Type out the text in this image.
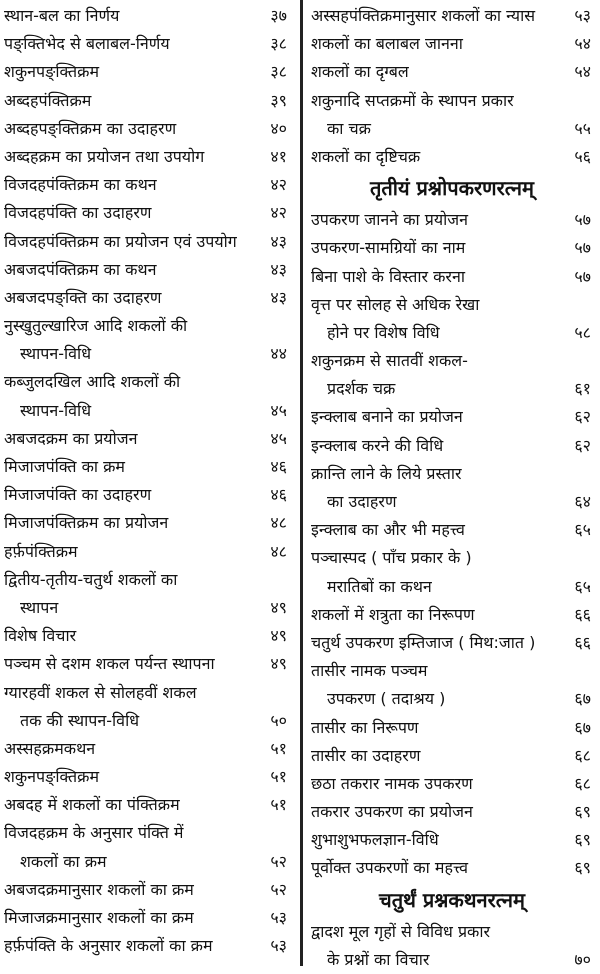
स्थान-बल का निर्णय	३७
पङ्क्तिभेद से बलाबल-निर्णय	३८
शकुनपङ्क्तिक्रम	३८
अब्दहपंक्तिक्रम	३९
अब्दहपङ्क्तिक्रम का उदाहरण	४०
अब्दहक्रम का प्रयोजन तथा उपयोग	४१
विजदहपंक्तिक्रम का कथन	४२
विजदहपंक्ति का उदाहरण	४२
विजदहपंक्तिक्रम का प्रयोजन एवं उपयोग ४३
अबजदपंक्तिक्रम का कथन	४३
अबजदपङ्क्ति का उदाहरण	४३
नुस्खुतुल्खारिज आदि शकलों की
स्थापन-विधि	४४
कब्जुलदखिल आदि शकलों की
स्थापन-विधि	४५
अबजदक्रम का प्रयोजन	४५
मिजाजपंक्ति का क्रम	४६
मिजाजपंक्ति का उदाहरण	४६
मिजाजपंक्तिक्रम का प्रयोजन	४८
हर्फ़पंक्तिक्रम	४८
द्वितीय-तृतीय-चतुर्थ शकलों का
स्थापन	४९
विशेष विचार	४९
पञ्चम से दशम शकल पर्यन्त स्थापना	४९
ग्यारहवीं शकल से सोलहवीं शकल
तक की स्थापन-विधि	५०
अस्सहक्रमकथन	५१
शकुनपङ्क्तिक्रम	५१
अबदह में शकलों का पंक्तिक्रम	५१
विजदहक्रम के अनुसार पंक्ति में
शकलों का क्रम	५२
अबजदक्रमानुसार शकलों का क्रम	५२
मिजाजक्रमानुसार शकलों का क्रम	५३
हर्फ़पंक्ति के अनुसार शकलों का क्रम	५३
अस्सहपंक्तिक्रमानुसार शकलों का न्यास ५३
शकलों का बलाबल जानना	५४
शकलों का दृग्बल	५४
शकुनादि सप्तक्रमों के स्थापन प्रकार
का चक्र	५५
शकलों का दृष्टिचक्र	५६
तृतीयं प्रश्नोपकरणरत्नम्
उपकरण जानने का प्रयोजन	५७
उपकरण-सामग्रियों का नाम	५७
बिना पाशे के विस्तार करना	५७
वृत्त पर सोलह से अधिक रेखा
होने पर विशेष विधि	५८
शकुनक्रम से सातवीं शकल-
प्रदर्शक चक्र	६१
इन्क्लाब बनाने का प्रयोजन	६२
इन्क्लाब करने की विधि	६२
क्रान्ति लाने के लिये प्रस्तार
का उदाहरण	६४
इन्क्लाब का और भी महत्त्व	६५
पञ्चास्पद ( पाँच प्रकार के )
मरातिबों का कथन	६५
शकलों में शत्रुता का निरूपण	६६
चतुर्थ उपकरण इम्तिजाज ( मिथ:जात ) ६६
तासीर नामक पञ्चम
उपकरण ( तदाश्रय )	६७
तासीर का निरूपण	६७
तासीर का उदाहरण	६८
छठा तकरार नामक उपकरण	६८
तकरार उपकरण का प्रयोजन	६९
शुभाशुभफलज्ञान-विधि	६९
पूर्वोक्त उपकरणों का महत्त्व	६९
चतुर्थं प्रश्नकथनरत्नम्
द्वादश मूल गृहों से विविध प्रकार
के प्रश्नों का विचार	७०
